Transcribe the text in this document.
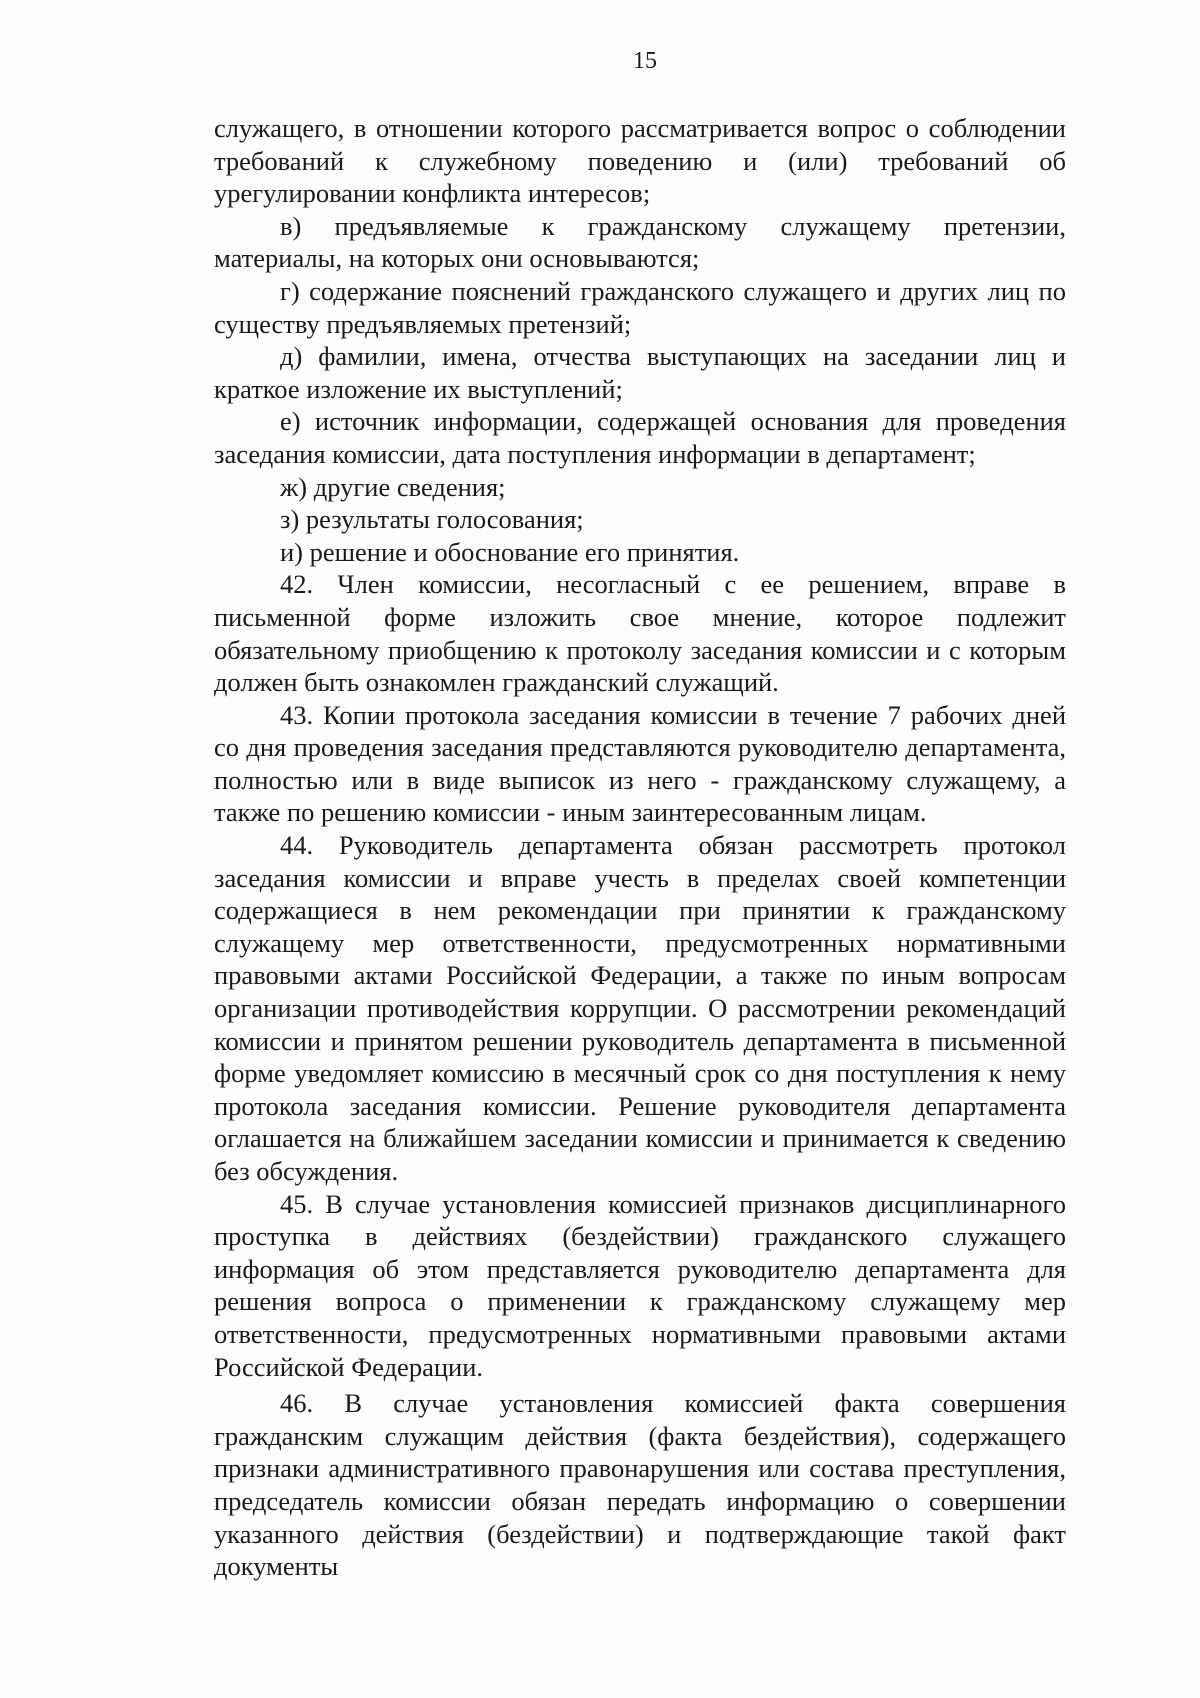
15

служащего, в отношении которого рассматривается вопрос о соблюдении требований к служебному поведению и (или) требований об урегулировании конфликта интересов;

в) предъявляемые к гражданскому служащему претензии, материалы, на которых они основываются;

г) содержание пояснений гражданского служащего и других лиц по существу предъявляемых претензий;

д) фамилии, имена, отчества выступающих на заседании лиц и краткое изложение их выступлений;

е) источник информации, содержащей основания для проведения заседания комиссии, дата поступления информации в департамент;

ж) другие сведения;

з) результаты голосования;

и) решение и обоснование его принятия.

42. Член комиссии, несогласный с ее решением, вправе в письменной форме изложить свое мнение, которое подлежит обязательному приобщению к протоколу заседания комиссии и с которым должен быть ознакомлен гражданский служащий.

43. Копии протокола заседания комиссии в течение 7 рабочих дней со дня проведения заседания представляются руководителю департамента, полностью или в виде выписок из него - гражданскому служащему, а также по решению комиссии - иным заинтересованным лицам.

44. Руководитель департамента обязан рассмотреть протокол заседания комиссии и вправе учесть в пределах своей компетенции содержащиеся в нем рекомендации при принятии к гражданскому служащему мер ответственности, предусмотренных нормативными правовыми актами Российской Федерации, а также по иным вопросам организации противодействия коррупции. О рассмотрении рекомендаций комиссии и принятом решении руководитель департамента в письменной форме уведомляет комиссию в месячный срок со дня поступления к нему протокола заседания комиссии. Решение руководителя департамента оглашается на ближайшем заседании комиссии и принимается к сведению без обсуждения.

45. В случае установления комиссией признаков дисциплинарного проступка в действиях (бездействии) гражданского служащего информация об этом представляется руководителю департамента для решения вопроса о применении к гражданскому служащему мер ответственности, предусмотренных нормативными правовыми актами Российской Федерации.

46. В случае установления комиссией факта совершения гражданским служащим действия (факта бездействия), содержащего признаки административного правонарушения или состава преступления, председатель комиссии обязан передать информацию о совершении указанного действия (бездействии) и подтверждающие такой факт документы
